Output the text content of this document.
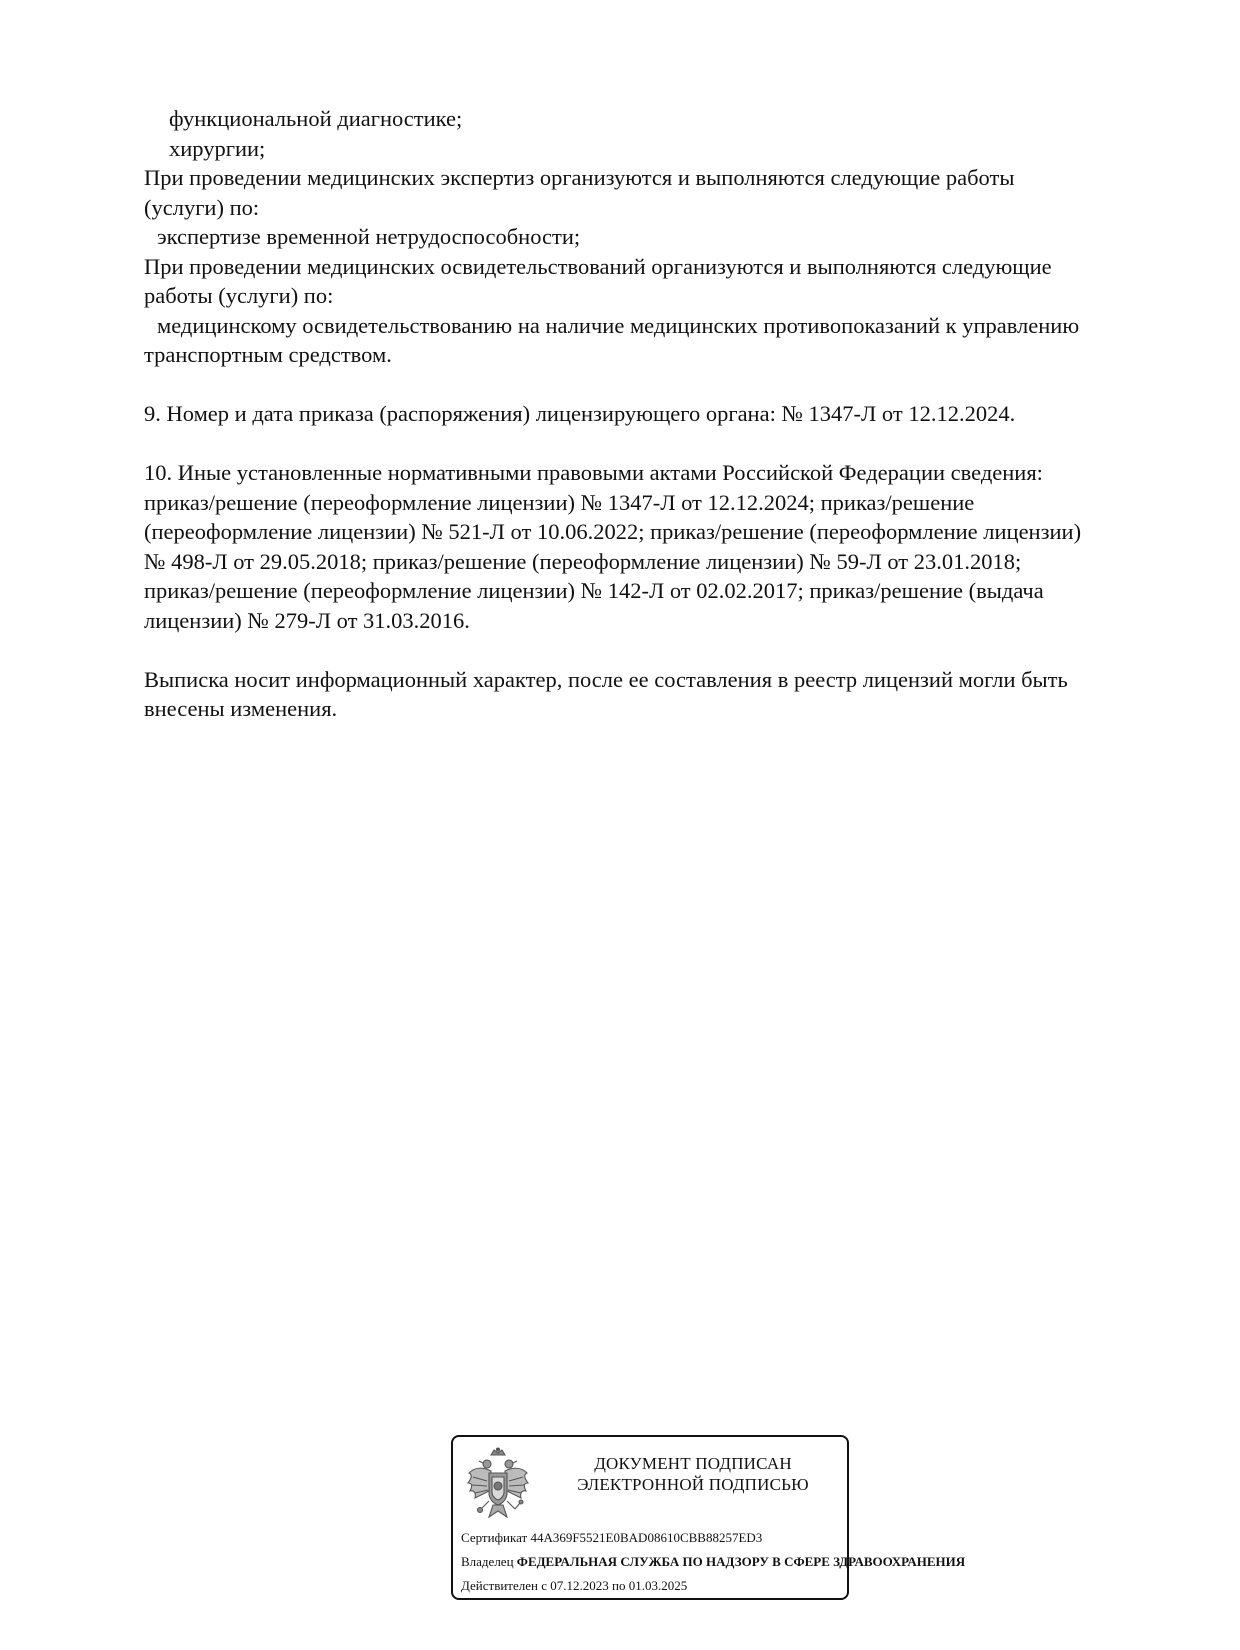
функциональной диагностике;
хирургии;
При проведении медицинских экспертиз организуются и выполняются следующие работы
(услуги) по:
экспертизе временной нетрудоспособности;
При проведении медицинских освидетельствований организуются и выполняются следующие
работы (услуги) по:
медицинскому освидетельствованию на наличие медицинских противопоказаний к управлению
транспортным средством.
9. Номер и дата приказа (распоряжения) лицензирующего органа: № 1347-Л от 12.12.2024.
10. Иные установленные нормативными правовыми актами Российской Федерации сведения:
приказ/решение (переоформление лицензии) № 1347-Л от 12.12.2024; приказ/решение
(переоформление лицензии) № 521-Л от 10.06.2022; приказ/решение (переоформление лицензии)
№ 498-Л от 29.05.2018; приказ/решение (переоформление лицензии) № 59-Л от 23.01.2018;
приказ/решение (переоформление лицензии) № 142-Л от 02.02.2017; приказ/решение (выдача
лицензии) № 279-Л от 31.03.2016.
Выписка носит информационный характер, после ее составления в реестр лицензий могли быть
внесены изменения.
ДОКУМЕНТ ПОДПИСАН
ЭЛЕКТРОННОЙ ПОДПИСЬЮ
Сертификат 44A369F5521E0BAD08610CBB88257ED3
Владелец ФЕДЕРАЛЬНАЯ СЛУЖБА ПО НАДЗОРУ В СФЕРЕ ЗДРАВООХРАНЕНИЯ
Действителен с 07.12.2023 по 01.03.2025
